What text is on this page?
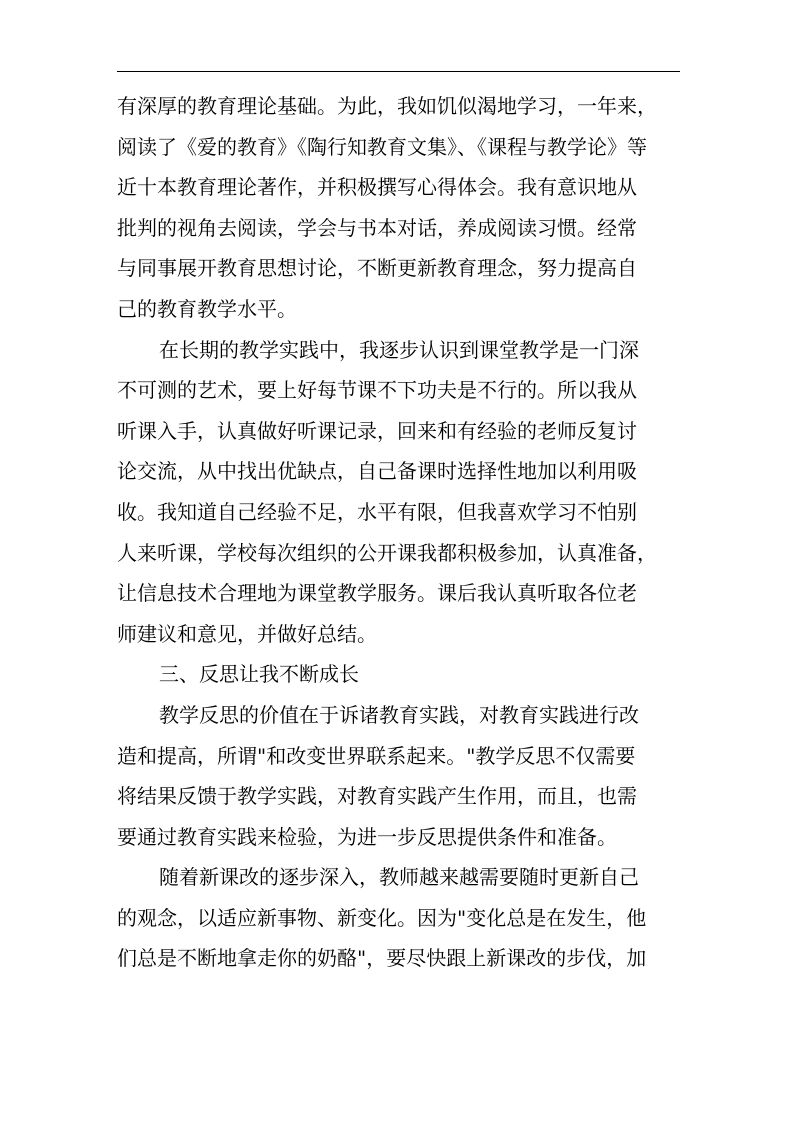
有深厚的教育理论基础。为此，我如饥似渴地学习，一年来，
阅读了《爱的教育》《陶行知教育文集》、《课程与教学论》等
近十本教育理论著作，并积极撰写心得体会。我有意识地从
批判的视角去阅读，学会与书本对话，养成阅读习惯。经常
与同事展开教育思想讨论，不断更新教育理念，努力提高自
己的教育教学水平。
在长期的教学实践中，我逐步认识到课堂教学是一门深
不可测的艺术，要上好每节课不下功夫是不行的。所以我从
听课入手，认真做好听课记录，回来和有经验的老师反复讨
论交流，从中找出优缺点，自己备课时选择性地加以利用吸
收。我知道自己经验不足，水平有限，但我喜欢学习不怕别
人来听课，学校每次组织的公开课我都积极参加，认真准备，
让信息技术合理地为课堂教学服务。课后我认真听取各位老
师建议和意见，并做好总结。
三、反思让我不断成长
教学反思的价值在于诉诸教育实践，对教育实践进行改
造和提高，所谓"和改变世界联系起来。"教学反思不仅需要
将结果反馈于教学实践，对教育实践产生作用，而且，也需
要通过教育实践来检验，为进一步反思提供条件和准备。
随着新课改的逐步深入，教师越来越需要随时更新自己
的观念，以适应新事物、新变化。因为"变化总是在发生，他
们总是不断地拿走你的奶酪"，要尽快跟上新课改的步伐，加
